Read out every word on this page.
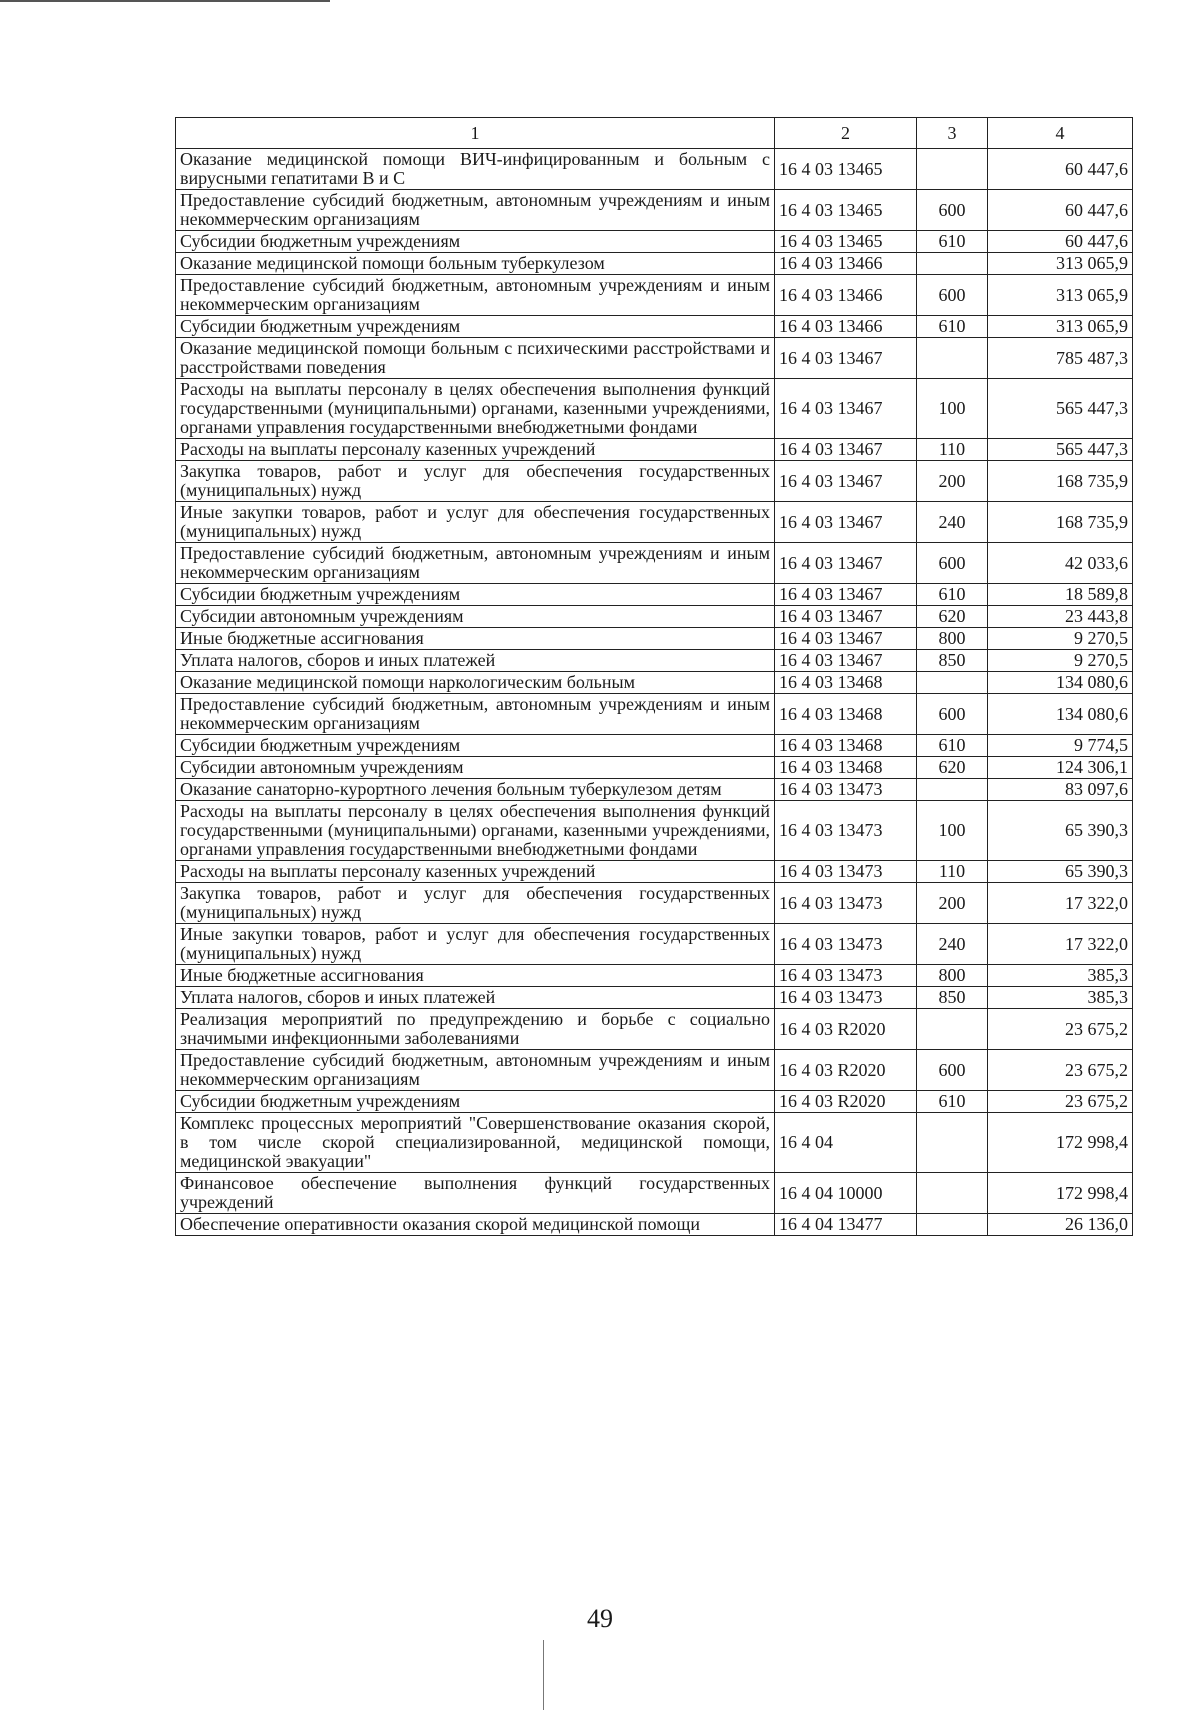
1	2	3	4
Оказание медицинской помощи ВИЧ-инфицированным и больным с вирусными гепатитами В и С	16 4 03 13465		60 447,6
Предоставление субсидий бюджетным, автономным учреждениям и иным некоммерческим организациям	16 4 03 13465	600	60 447,6
Субсидии бюджетным учреждениям	16 4 03 13465	610	60 447,6
Оказание медицинской помощи больным туберкулезом	16 4 03 13466		313 065,9
Предоставление субсидий бюджетным, автономным учреждениям и иным некоммерческим организациям	16 4 03 13466	600	313 065,9
Субсидии бюджетным учреждениям	16 4 03 13466	610	313 065,9
Оказание медицинской помощи больным с психическими расстройствами и расстройствами поведения	16 4 03 13467		785 487,3
Расходы на выплаты персоналу в целях обеспечения выполнения функций государственными (муниципальными) органами, казенными учреждениями, органами управления государственными внебюджетными фондами	16 4 03 13467	100	565 447,3
Расходы на выплаты персоналу казенных учреждений	16 4 03 13467	110	565 447,3
Закупка товаров, работ и услуг для обеспечения государственных (муниципальных) нужд	16 4 03 13467	200	168 735,9
Иные закупки товаров, работ и услуг для обеспечения государственных (муниципальных) нужд	16 4 03 13467	240	168 735,9
Предоставление субсидий бюджетным, автономным учреждениям и иным некоммерческим организациям	16 4 03 13467	600	42 033,6
Субсидии бюджетным учреждениям	16 4 03 13467	610	18 589,8
Субсидии автономным учреждениям	16 4 03 13467	620	23 443,8
Иные бюджетные ассигнования	16 4 03 13467	800	9 270,5
Уплата налогов, сборов и иных платежей	16 4 03 13467	850	9 270,5
Оказание медицинской помощи наркологическим больным	16 4 03 13468		134 080,6
Предоставление субсидий бюджетным, автономным учреждениям и иным некоммерческим организациям	16 4 03 13468	600	134 080,6
Субсидии бюджетным учреждениям	16 4 03 13468	610	9 774,5
Субсидии автономным учреждениям	16 4 03 13468	620	124 306,1
Оказание санаторно-курортного лечения больным туберкулезом детям	16 4 03 13473		83 097,6
Расходы на выплаты персоналу в целях обеспечения выполнения функций государственными (муниципальными) органами, казенными учреждениями, органами управления государственными внебюджетными фондами	16 4 03 13473	100	65 390,3
Расходы на выплаты персоналу казенных учреждений	16 4 03 13473	110	65 390,3
Закупка товаров, работ и услуг для обеспечения государственных (муниципальных) нужд	16 4 03 13473	200	17 322,0
Иные закупки товаров, работ и услуг для обеспечения государственных (муниципальных) нужд	16 4 03 13473	240	17 322,0
Иные бюджетные ассигнования	16 4 03 13473	800	385,3
Уплата налогов, сборов и иных платежей	16 4 03 13473	850	385,3
Реализация мероприятий по предупреждению и борьбе с социально значимыми инфекционными заболеваниями	16 4 03 R2020		23 675,2
Предоставление субсидий бюджетным, автономным учреждениям и иным некоммерческим организациям	16 4 03 R2020	600	23 675,2
Субсидии бюджетным учреждениям	16 4 03 R2020	610	23 675,2
Комплекс процессных мероприятий "Совершенствование оказания скорой, в том числе скорой специализированной, медицинской помощи, медицинской эвакуации"	16 4 04		172 998,4
Финансовое обеспечение выполнения функций государственных учреждений	16 4 04 10000		172 998,4
Обеспечение оперативности оказания скорой медицинской помощи	16 4 04 13477		26 136,0
49
